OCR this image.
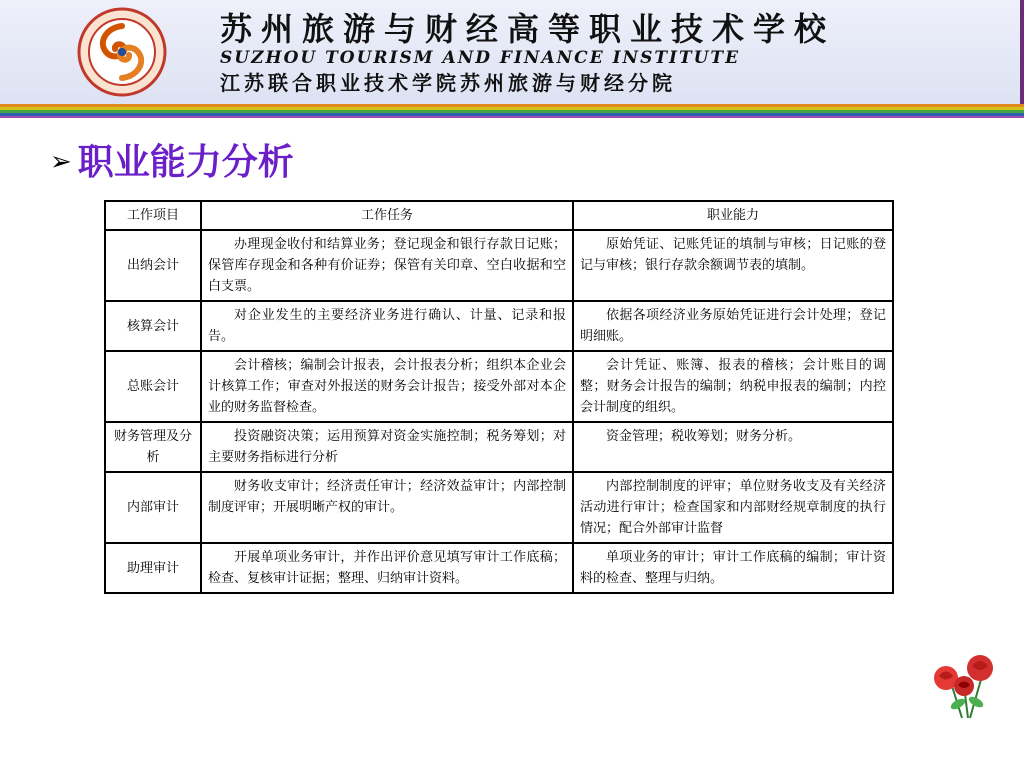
苏州旅游与财经高等职业技术学校
SUZHOU TOURISM AND FINANCE INSTITUTE
江苏联合职业技术学院苏州旅游与财经分院
➢ 职业能力分析
工作项目	工作任务	职业能力
出纳会计	办理现金收付和结算业务；登记现金和银行存款日记账；保管库存现金和各种有价证券；保管有关印章、空白收据和空白支票。	原始凭证、记账凭证的填制与审核；日记账的登记与审核；银行存款余额调节表的填制。
核算会计	对企业发生的主要经济业务进行确认、计量、记录和报告。	依据各项经济业务原始凭证进行会计处理；登记明细账。
总账会计	会计稽核；编制会计报表，会计报表分析；组织本企业会计核算工作；审查对外报送的财务会计报告；接受外部对本企业的财务监督检查。	会计凭证、账簿、报表的稽核；会计账目的调整；财务会计报告的编制；纳税申报表的编制；内控会计制度的组织。
财务管理及分析	投资融资决策；运用预算对资金实施控制；税务筹划；对主要财务指标进行分析	资金管理；税收筹划；财务分析。
内部审计	财务收支审计；经济责任审计；经济效益审计；内部控制制度评审；开展明晰产权的审计。	内部控制制度的评审；单位财务收支及有关经济活动进行审计；检查国家和内部财经规章制度的执行情况；配合外部审计监督
助理审计	开展单项业务审计，并作出评价意见填写审计工作底稿；检查、复核审计证据；整理、归纳审计资料。	单项业务的审计；审计工作底稿的编制；审计资料的检查、整理与归纳。
